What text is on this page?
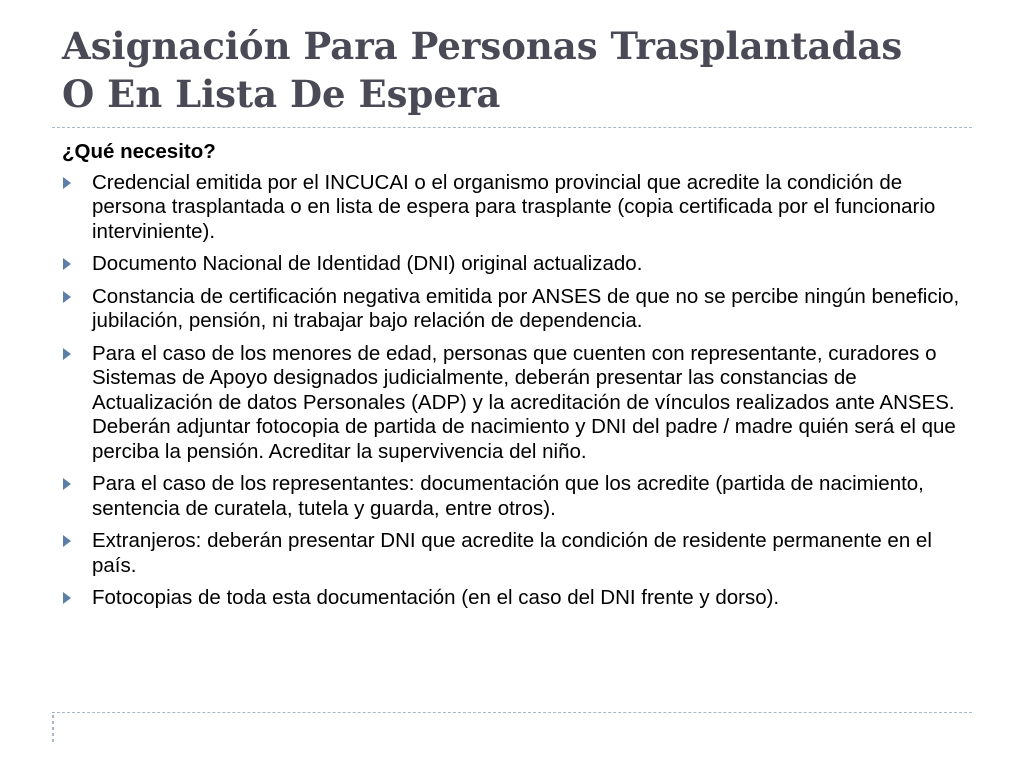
Asignación Para Personas Trasplantadas
O En Lista De Espera

¿Qué necesito?

Credencial emitida por el INCUCAI o el organismo provincial que acredite la condición de persona trasplantada o en lista de espera para trasplante (copia certificada por el funcionario interviniente).
Documento Nacional de Identidad (DNI) original actualizado.
Constancia de certificación negativa emitida por ANSES de que no se percibe ningún beneficio, jubilación, pensión, ni trabajar bajo relación de dependencia.
Para el caso de los menores de edad, personas que cuenten con representante, curadores o Sistemas de Apoyo designados judicialmente, deberán presentar las constancias de Actualización de datos Personales (ADP) y la acreditación de vínculos realizados ante ANSES. Deberán adjuntar fotocopia de partida de nacimiento y DNI del padre / madre quién será el que perciba la pensión. Acreditar la supervivencia del niño.
Para el caso de los representantes: documentación que los acredite (partida de nacimiento, sentencia de curatela, tutela y guarda, entre otros).
Extranjeros: deberán presentar DNI que acredite la condición de residente permanente en el país.
Fotocopias de toda esta documentación (en el caso del DNI frente y dorso).
